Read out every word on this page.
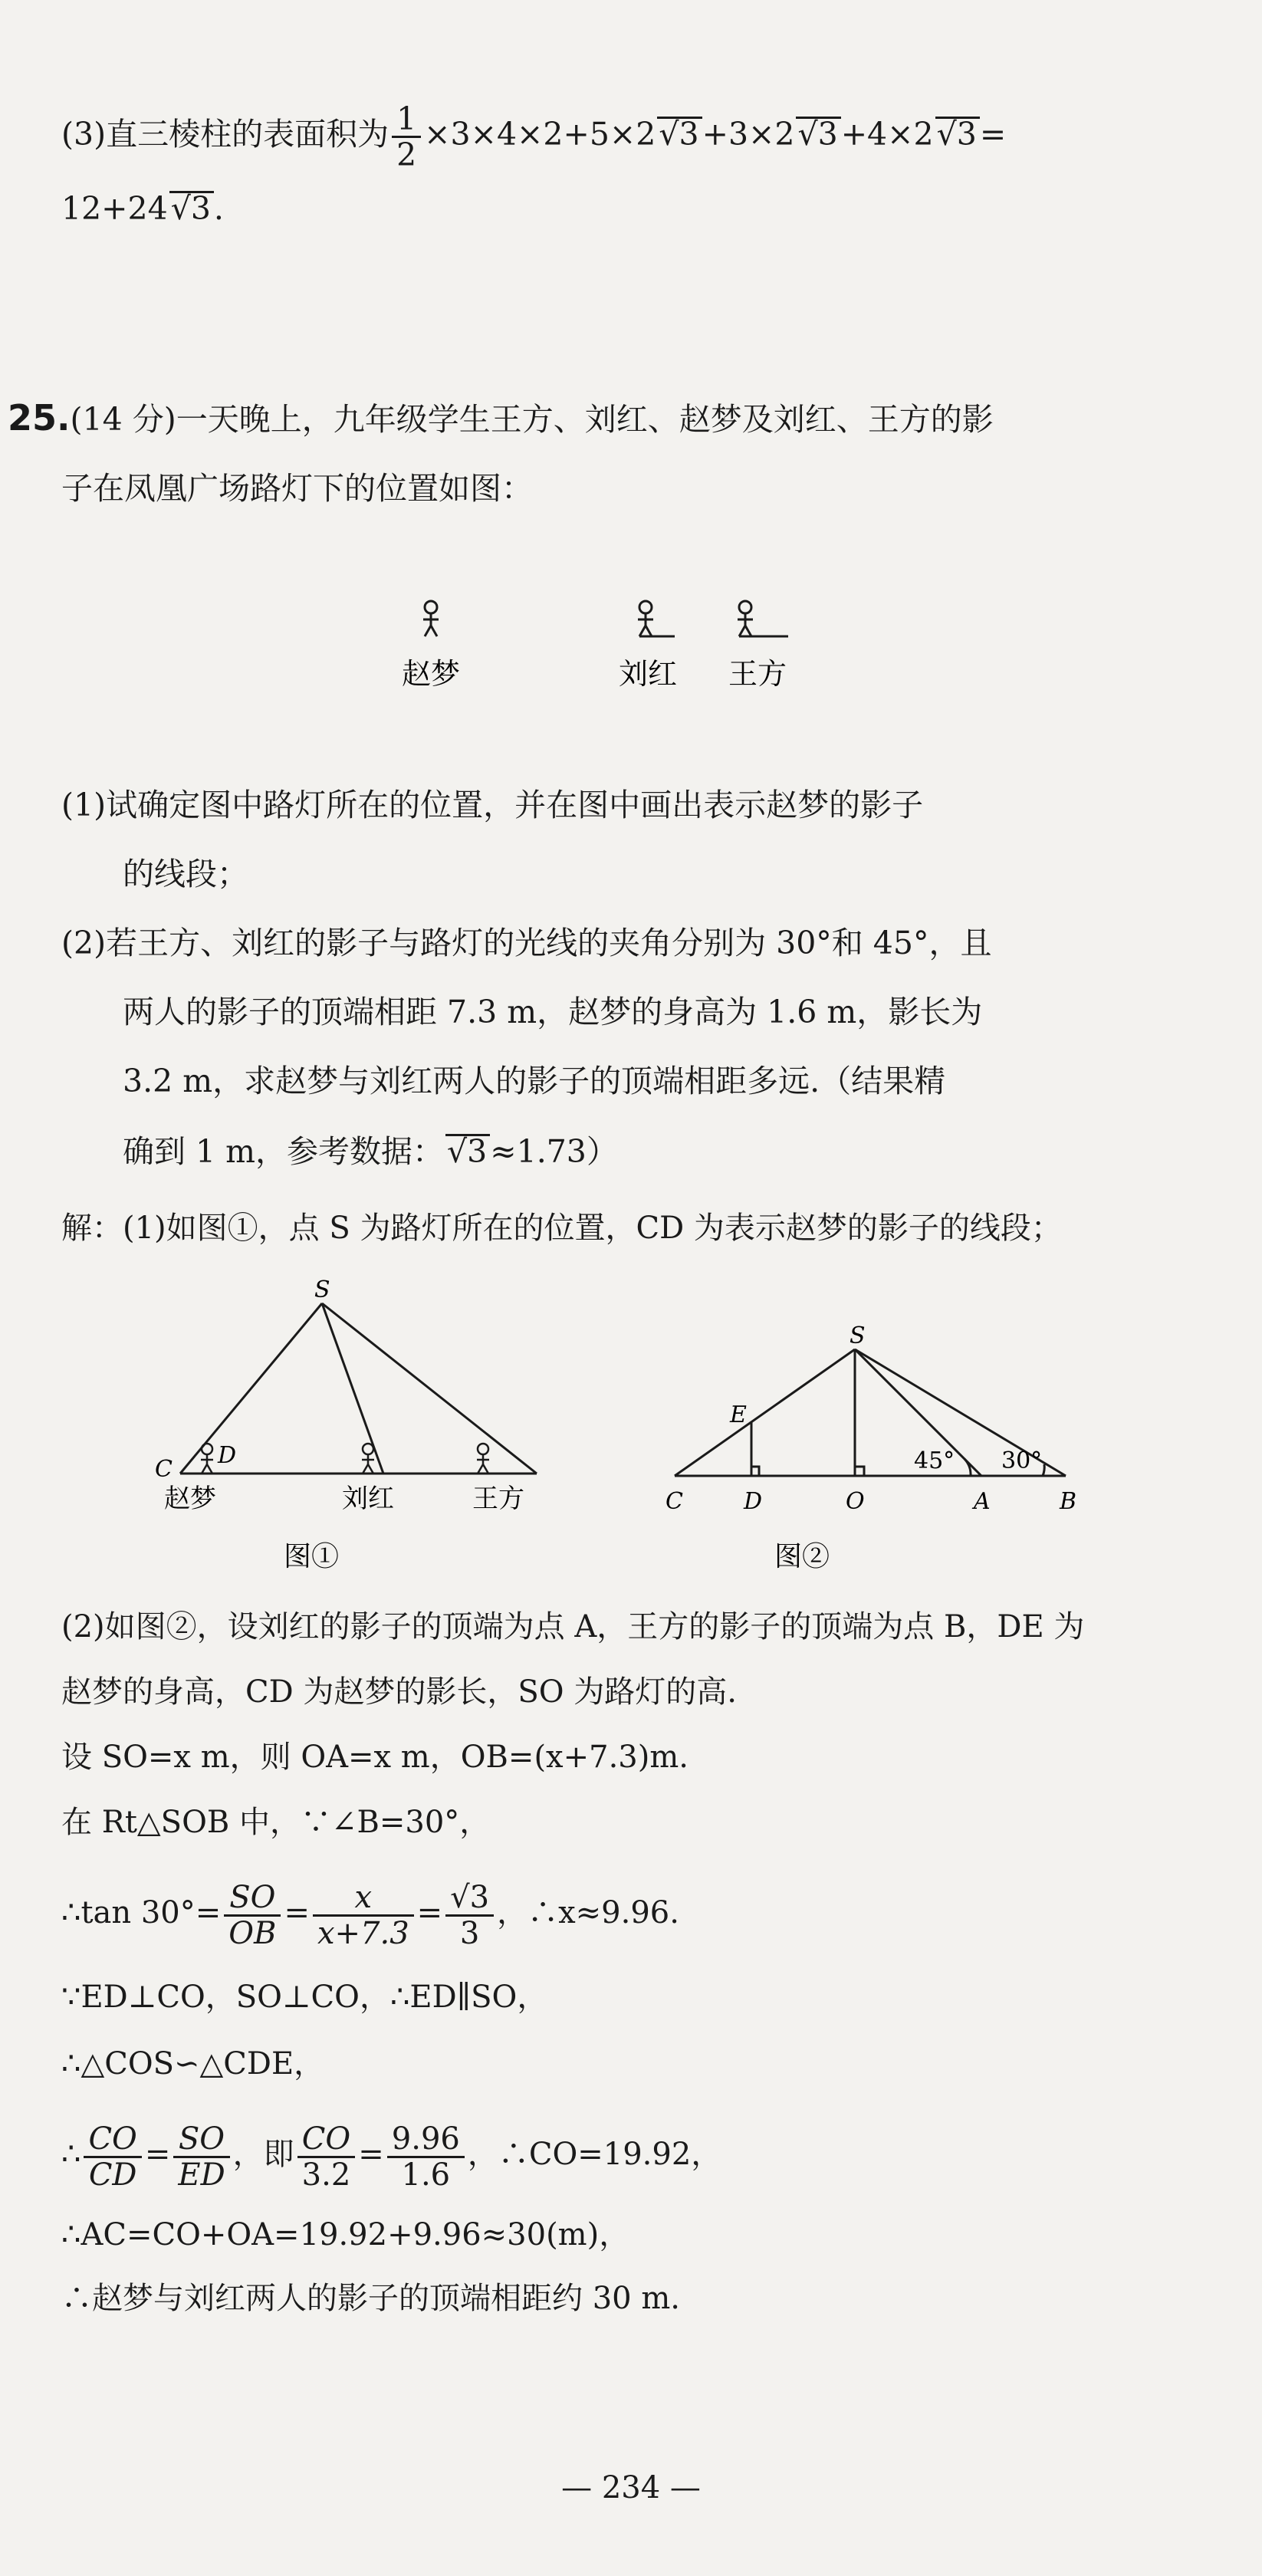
(3)直三棱柱的表面积为 $\frac{1}{2} \times 3\times 4\times 2+5\times 2√3+3\times 2√3+4\times 2√3=$
12+24√3.
25.(14 分)一天晚上，九年级学生王方、刘红、赵梦及刘红、王方的影
子在凤凰广场路灯下的位置如图：
赵梦	刘红 王方
(1)试确定图中路灯所在的位置，并在图中画出表示赵梦的影子
的线段；
(2)若王方、刘红的影子与路灯的光线的夹角分别为 30°和 45°，且
两人的影子的顶端相距 7.3 m，赵梦的身高为 1.6 m，影长为
3.2 m，求赵梦与刘红两人的影子的顶端相距多远.（结果精
确到 1 m，参考数据：√3≈1.73）
解：(1)如图①，点 S 为路灯所在的位置，CD 为表示赵梦的影子的线段；
S
C
D
赵梦	刘红	王方
图①
S
E
C	D	O	A	B
45° 30°
图②
(2)如图②，设刘红的影子的顶端为点 A，王方的影子的顶端为点 B，DE 为
赵梦的身高，CD 为赵梦的影长，SO 为路灯的高.
设 SO=x m，则 OA=x m，OB=(x+7.3)m.
在 Rt△SOB 中，∵∠B=30°，
∴tan $30^\circ= \frac{SO}{OB} = \frac{x}{x+7.3} = \frac{√3}{3}$ ，∴x≈9.96.
∵ED⊥CO，SO⊥CO，∴ED∥SO，
∴△COS∽△CDE，
∴ $\frac{CO}{CD} = \frac{SO}{ED}$ ，即 $\frac{CO}{3.2} = \frac{9.96}{1.6}$ ，∴CO=19.92，
∴AC=CO+OA=19.92+9.96≈30(m)，
∴赵梦与刘红两人的影子的顶端相距约 30 m.
— 234 —
